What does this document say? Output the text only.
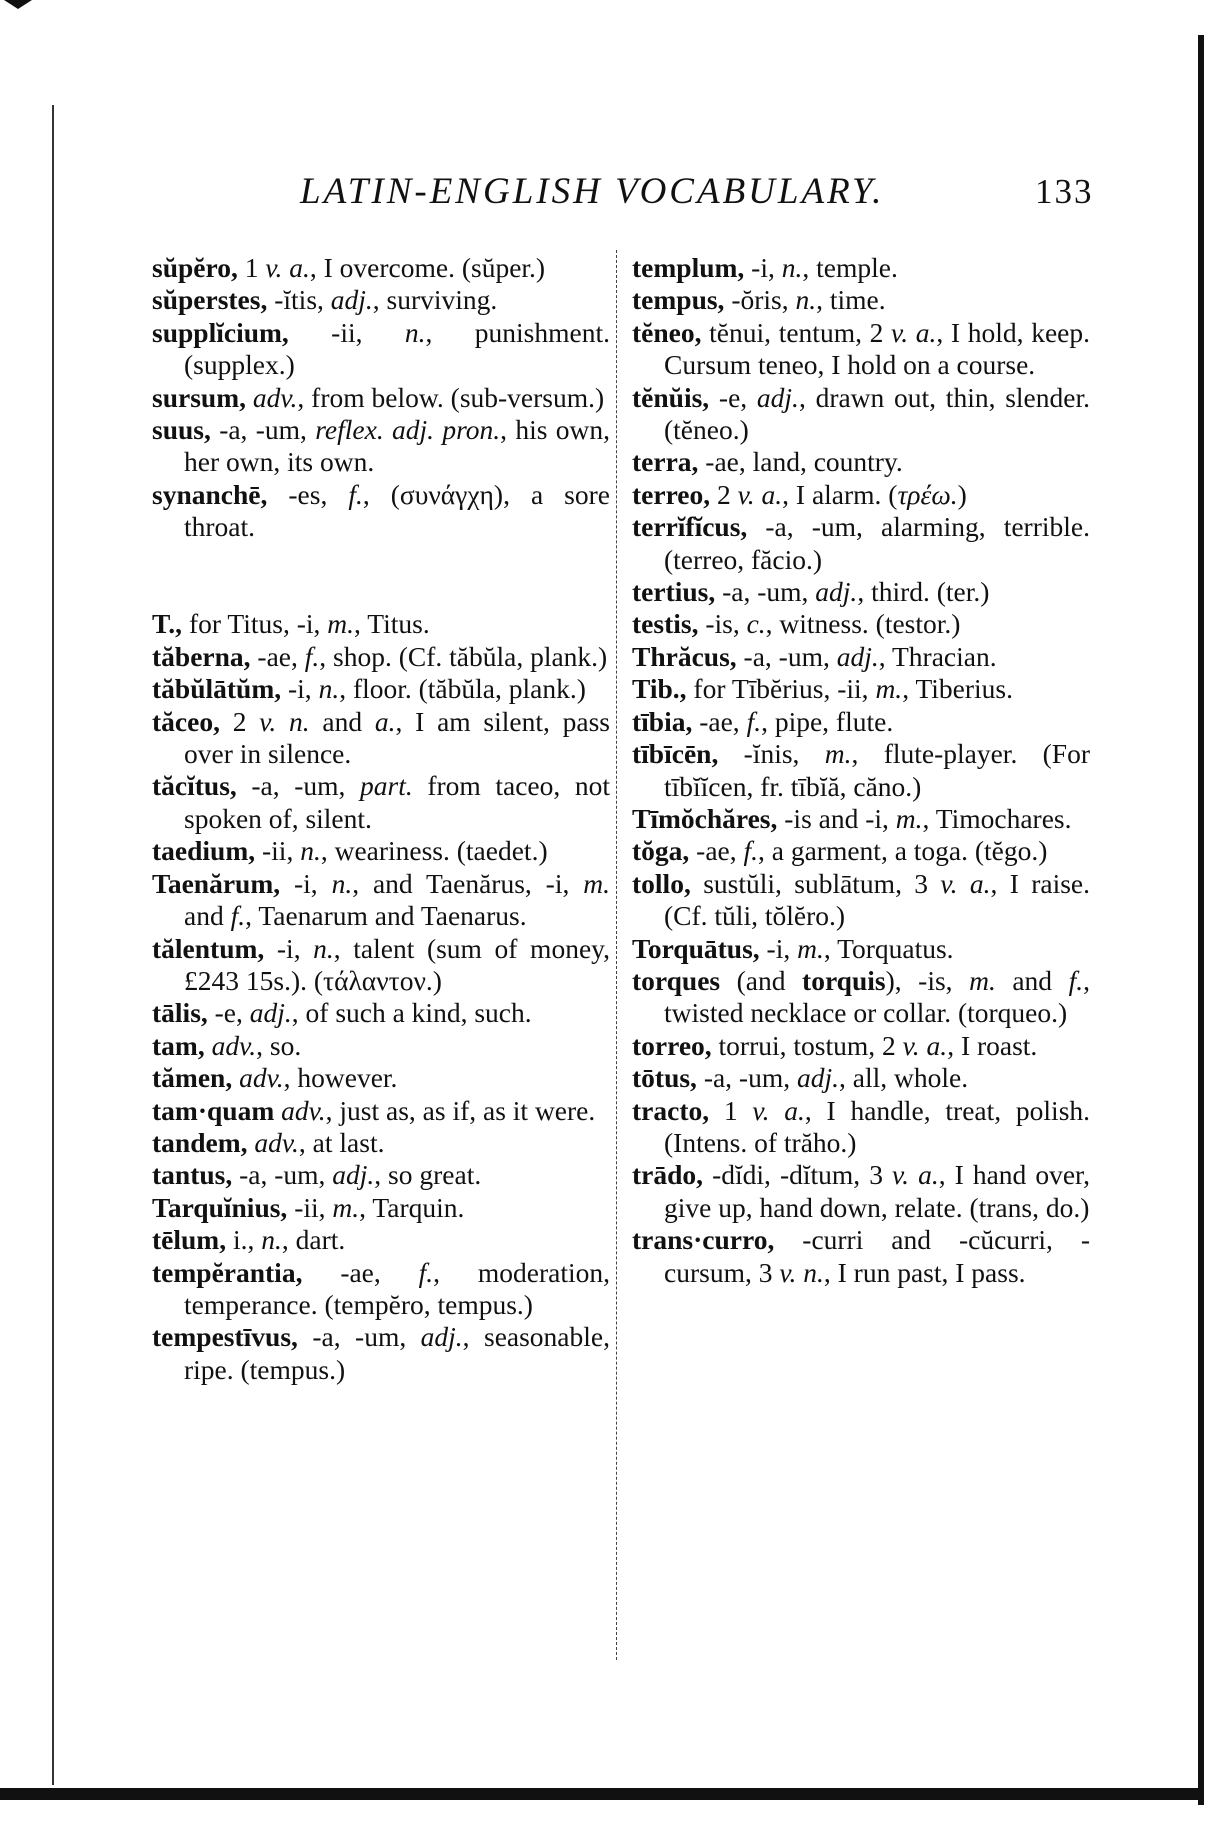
LATIN-ENGLISH VOCABULARY.	133
sŭpĕro, 1 v. a., I overcome. (sŭper.)
sŭperstes, -ĭtis, adj., surviving.
supplĭcium, -ii, n., punishment. (supplex.)
sursum, adv., from below. (sub-versum.)
suus, -a, -um, reflex. adj. pron., his own, her own, its own.
synanchē, -es, f., (συνάγχη), a sore throat.
T., for Titus, -i, m., Titus.
tăberna, -ae, f., shop. (Cf. tăbŭla, plank.)
tăbŭlātŭm, -i, n., floor. (tăbŭla, plank.)
tăceo, 2 v. n. and a., I am silent, pass over in silence.
tăcĭtus, -a, -um, part. from taceo, not spoken of, silent.
taedium, -ii, n., weariness. (taedet.)
Taenărum, -i, n., and Taenărus, -i, m. and f., Taenarum and Taenarus.
tălentum, -i, n., talent (sum of money, £243 15s.). (τάλαντον.)
tālis, -e, adj., of such a kind, such.
tam, adv., so.
tămen, adv., however.
tam·quam adv., just as, as if, as it were.
tandem, adv., at last.
tantus, -a, -um, adj., so great.
Tarquĭnius, -ii, m., Tarquin.
tēlum, i., n., dart.
tempĕrantia, -ae, f., moderation, temperance. (tempĕro, tempus.)
tempestīvus, -a, -um, adj., seasonable, ripe. (tempus.)
templum, -i, n., temple.
tempus, -ŏris, n., time.
tĕneo, tĕnui, tentum, 2 v. a., I hold, keep. Cursum teneo, I hold on a course.
tĕnŭis, -e, adj., drawn out, thin, slender. (tĕneo.)
terra, -ae, land, country.
terreo, 2 v. a., I alarm. (τρέω.)
terrĭfĭcus, -a, -um, alarming, terrible. (terreo, făcio.)
tertius, -a, -um, adj., third. (ter.)
testis, -is, c., witness. (testor.)
Thrăcus, -a, -um, adj., Thracian.
Tib., for Tībĕrius, -ii, m., Tiberius.
tībia, -ae, f., pipe, flute.
tībīcēn, -ĭnis, m., flute-player. (For tībĭĭcen, fr. tībĭă, căno.)
Tīmŏchăres, -is and -i, m., Timochares.
tŏga, -ae, f., a garment, a toga. (tĕgo.)
tollo, sustŭli, sublātum, 3 v. a., I raise. (Cf. tŭli, tŏlĕro.)
Torquātus, -i, m., Torquatus.
torques (and torquis), -is, m. and f., twisted necklace or collar. (torqueo.)
torreo, torrui, tostum, 2 v. a., I roast.
tōtus, -a, -um, adj., all, whole.
tracto, 1 v. a., I handle, treat, polish. (Intens. of trăho.)
trādo, -dĭdi, -dĭtum, 3 v. a., I hand over, give up, hand down, relate. (trans, do.)
trans·curro, -curri and -cŭcurri, -cursum, 3 v. n., I run past, I pass.
